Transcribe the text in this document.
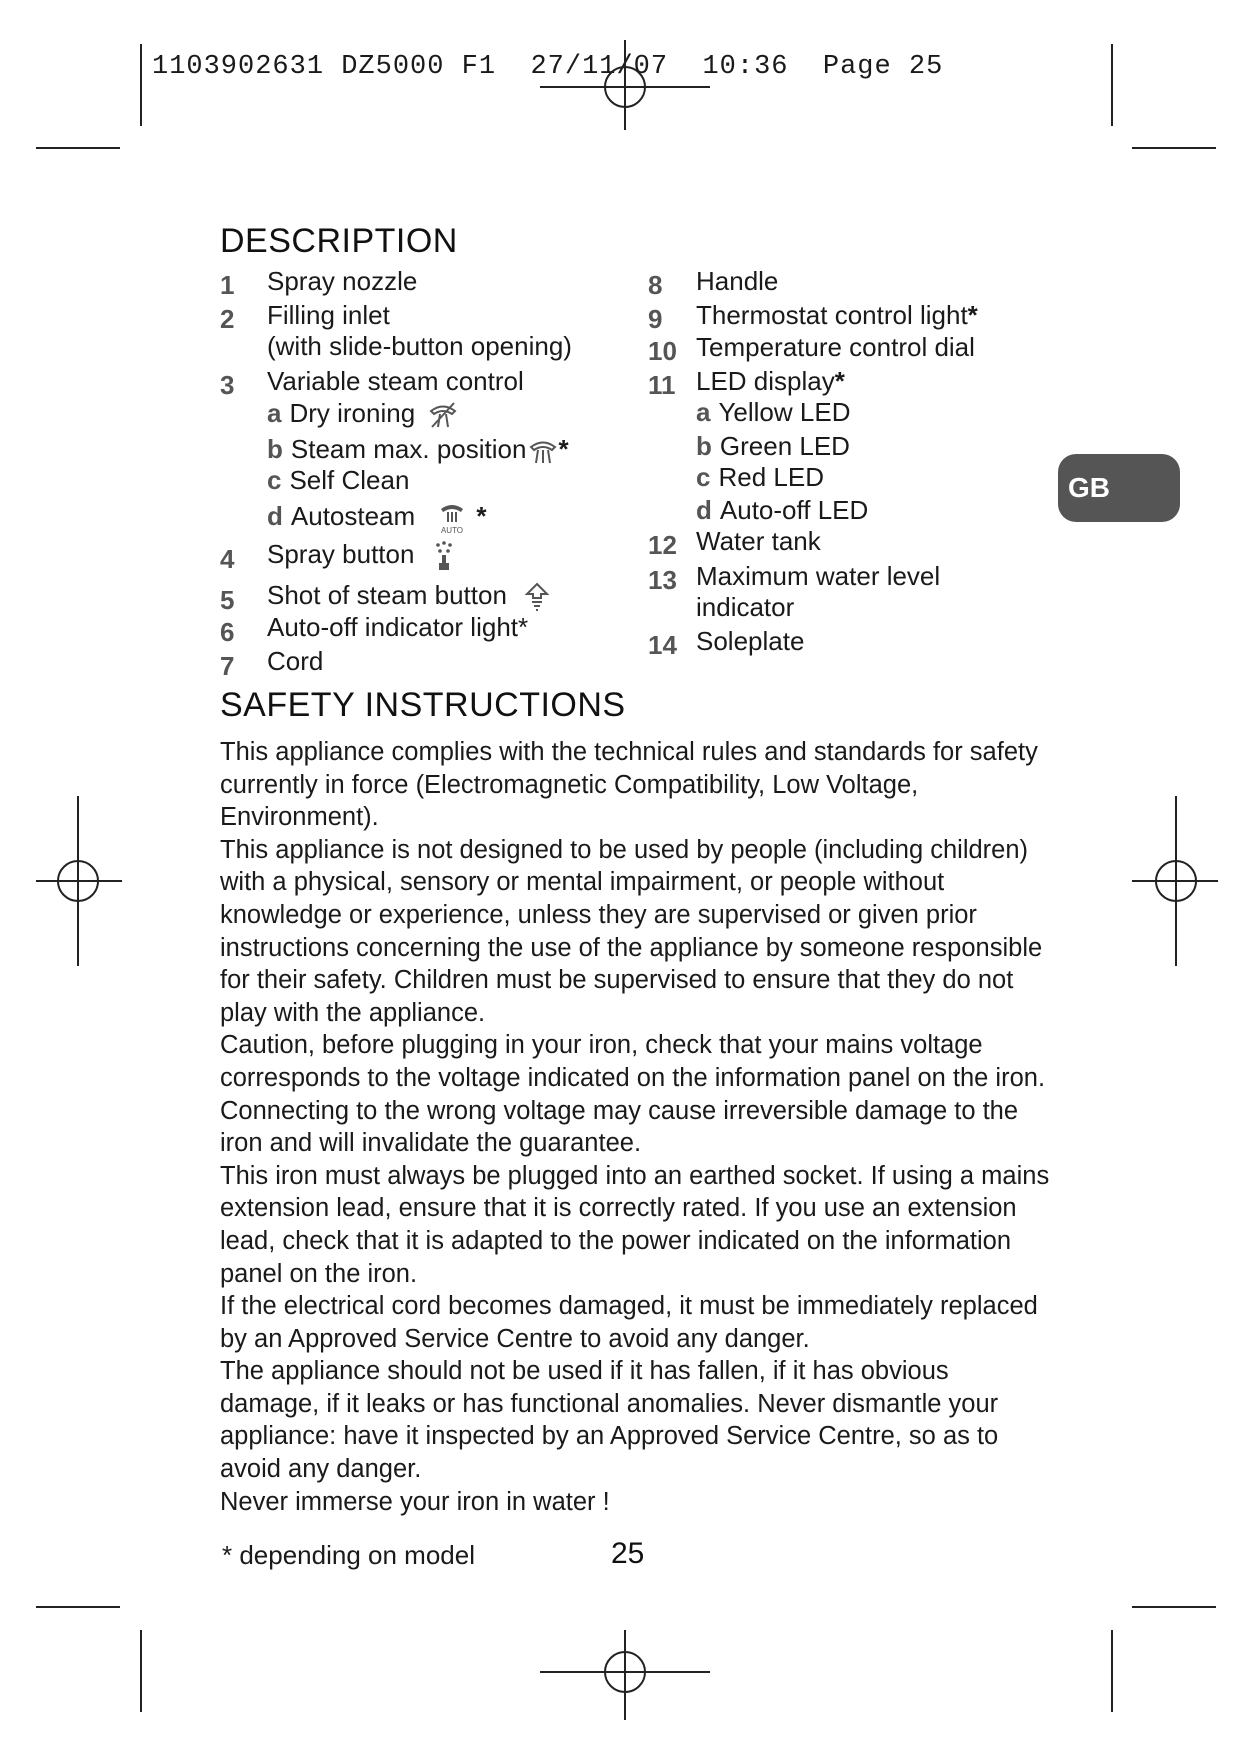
1103902631 DZ5000 F1  27/11/07  10:36  Page 25
DESCRIPTION
1 Spray nozzle
2 Filling inlet
(with slide-button opening)
3 Variable steam control
a Dry ironing
b Steam max. position *
c Self Clean
d Autosteam	AUTO *
4 Spray button
5 Shot of steam button
6 Auto-off indicator light*
7 Cord
8 Handle
9 Thermostat control light*
10 Temperature control dial
11 LED display*
a Yellow LED
b Green LED
c Red LED
d Auto-off LED
12 Water tank
13 Maximum water level
indicator
14 Soleplate
GB
SAFETY INSTRUCTIONS

This appliance complies with the technical rules and standards for safety currently in force (Electromagnetic Compatibility, Low Voltage, Environment).

This appliance is not designed to be used by people (including children) with a physical, sensory or mental impairment, or people without knowledge or experience, unless they are supervised or given prior instructions concerning the use of the appliance by someone responsible for their safety. Children must be supervised to ensure that they do not play with the appliance.

Caution, before plugging in your iron, check that your mains voltage corresponds to the voltage indicated on the information panel on the iron. Connecting to the wrong voltage may cause irreversible damage to the iron and will invalidate the guarantee.

This iron must always be plugged into an earthed socket. If using a mains extension lead, ensure that it is correctly rated. If you use an extension lead, check that it is adapted to the power indicated on the information panel on the iron.

If the electrical cord becomes damaged, it must be immediately replaced by an Approved Service Centre to avoid any danger.

The appliance should not be used if it has fallen, if it has obvious damage, if it leaks or has functional anomalies. Never dismantle your appliance: have it inspected by an Approved Service Centre, so as to avoid any danger.

Never immerse your iron in water !

* depending on model	25
